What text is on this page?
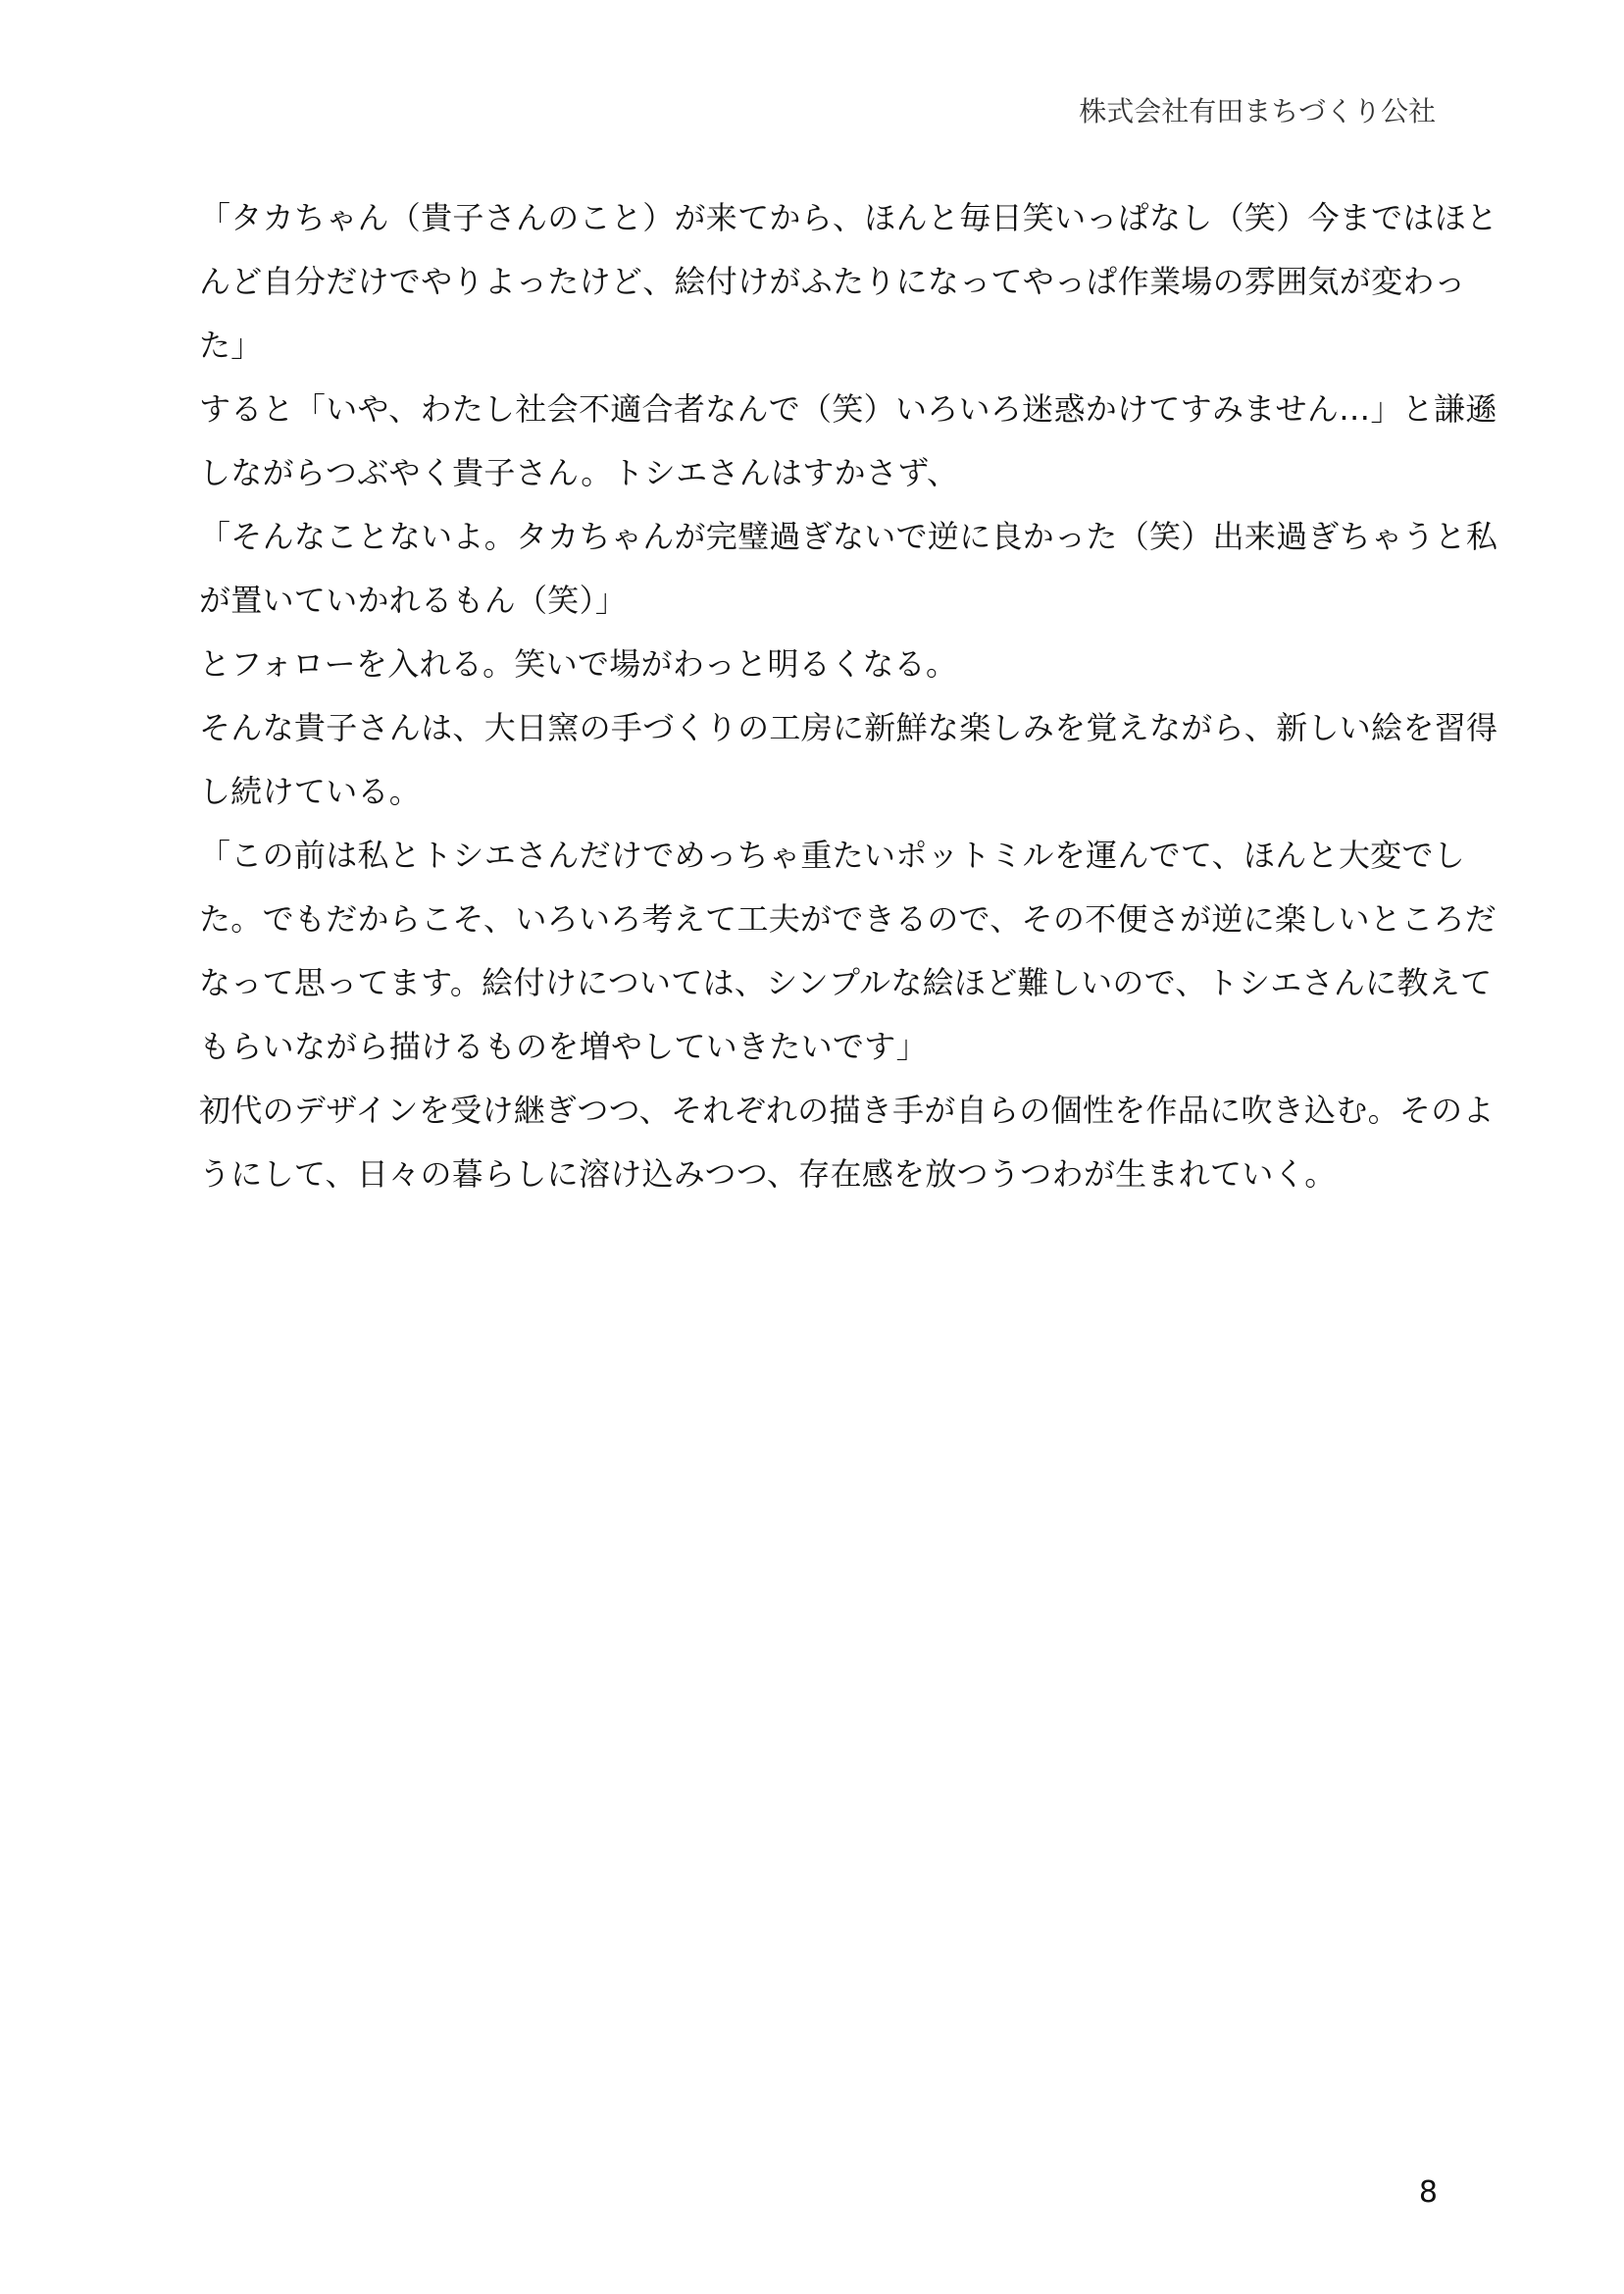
株式会社有田まちづくり公社
「タカちゃん（貴子さんのこと）が来てから、ほんと毎日笑いっぱなし（笑）今まではほと
んど自分だけでやりよったけど、絵付けがふたりになってやっぱ作業場の雰囲気が変わっ
た」
すると「いや、わたし社会不適合者なんで（笑）いろいろ迷惑かけてすみません…」と謙遜
しながらつぶやく貴子さん。トシエさんはすかさず、
「そんなことないよ。タカちゃんが完璧過ぎないで逆に良かった（笑）出来過ぎちゃうと私
が置いていかれるもん（笑）」
とフォローを入れる。笑いで場がわっと明るくなる。
そんな貴子さんは、大日窯の手づくりの工房に新鮮な楽しみを覚えながら、新しい絵を習得
し続けている。
「この前は私とトシエさんだけでめっちゃ重たいポットミルを運んでて、ほんと大変でし
た。でもだからこそ、いろいろ考えて工夫ができるので、その不便さが逆に楽しいところだ
なって思ってます。絵付けについては、シンプルな絵ほど難しいので、トシエさんに教えて
もらいながら描けるものを増やしていきたいです」
初代のデザインを受け継ぎつつ、それぞれの描き手が自らの個性を作品に吹き込む。そのよ
うにして、日々の暮らしに溶け込みつつ、存在感を放つうつわが生まれていく。
8
